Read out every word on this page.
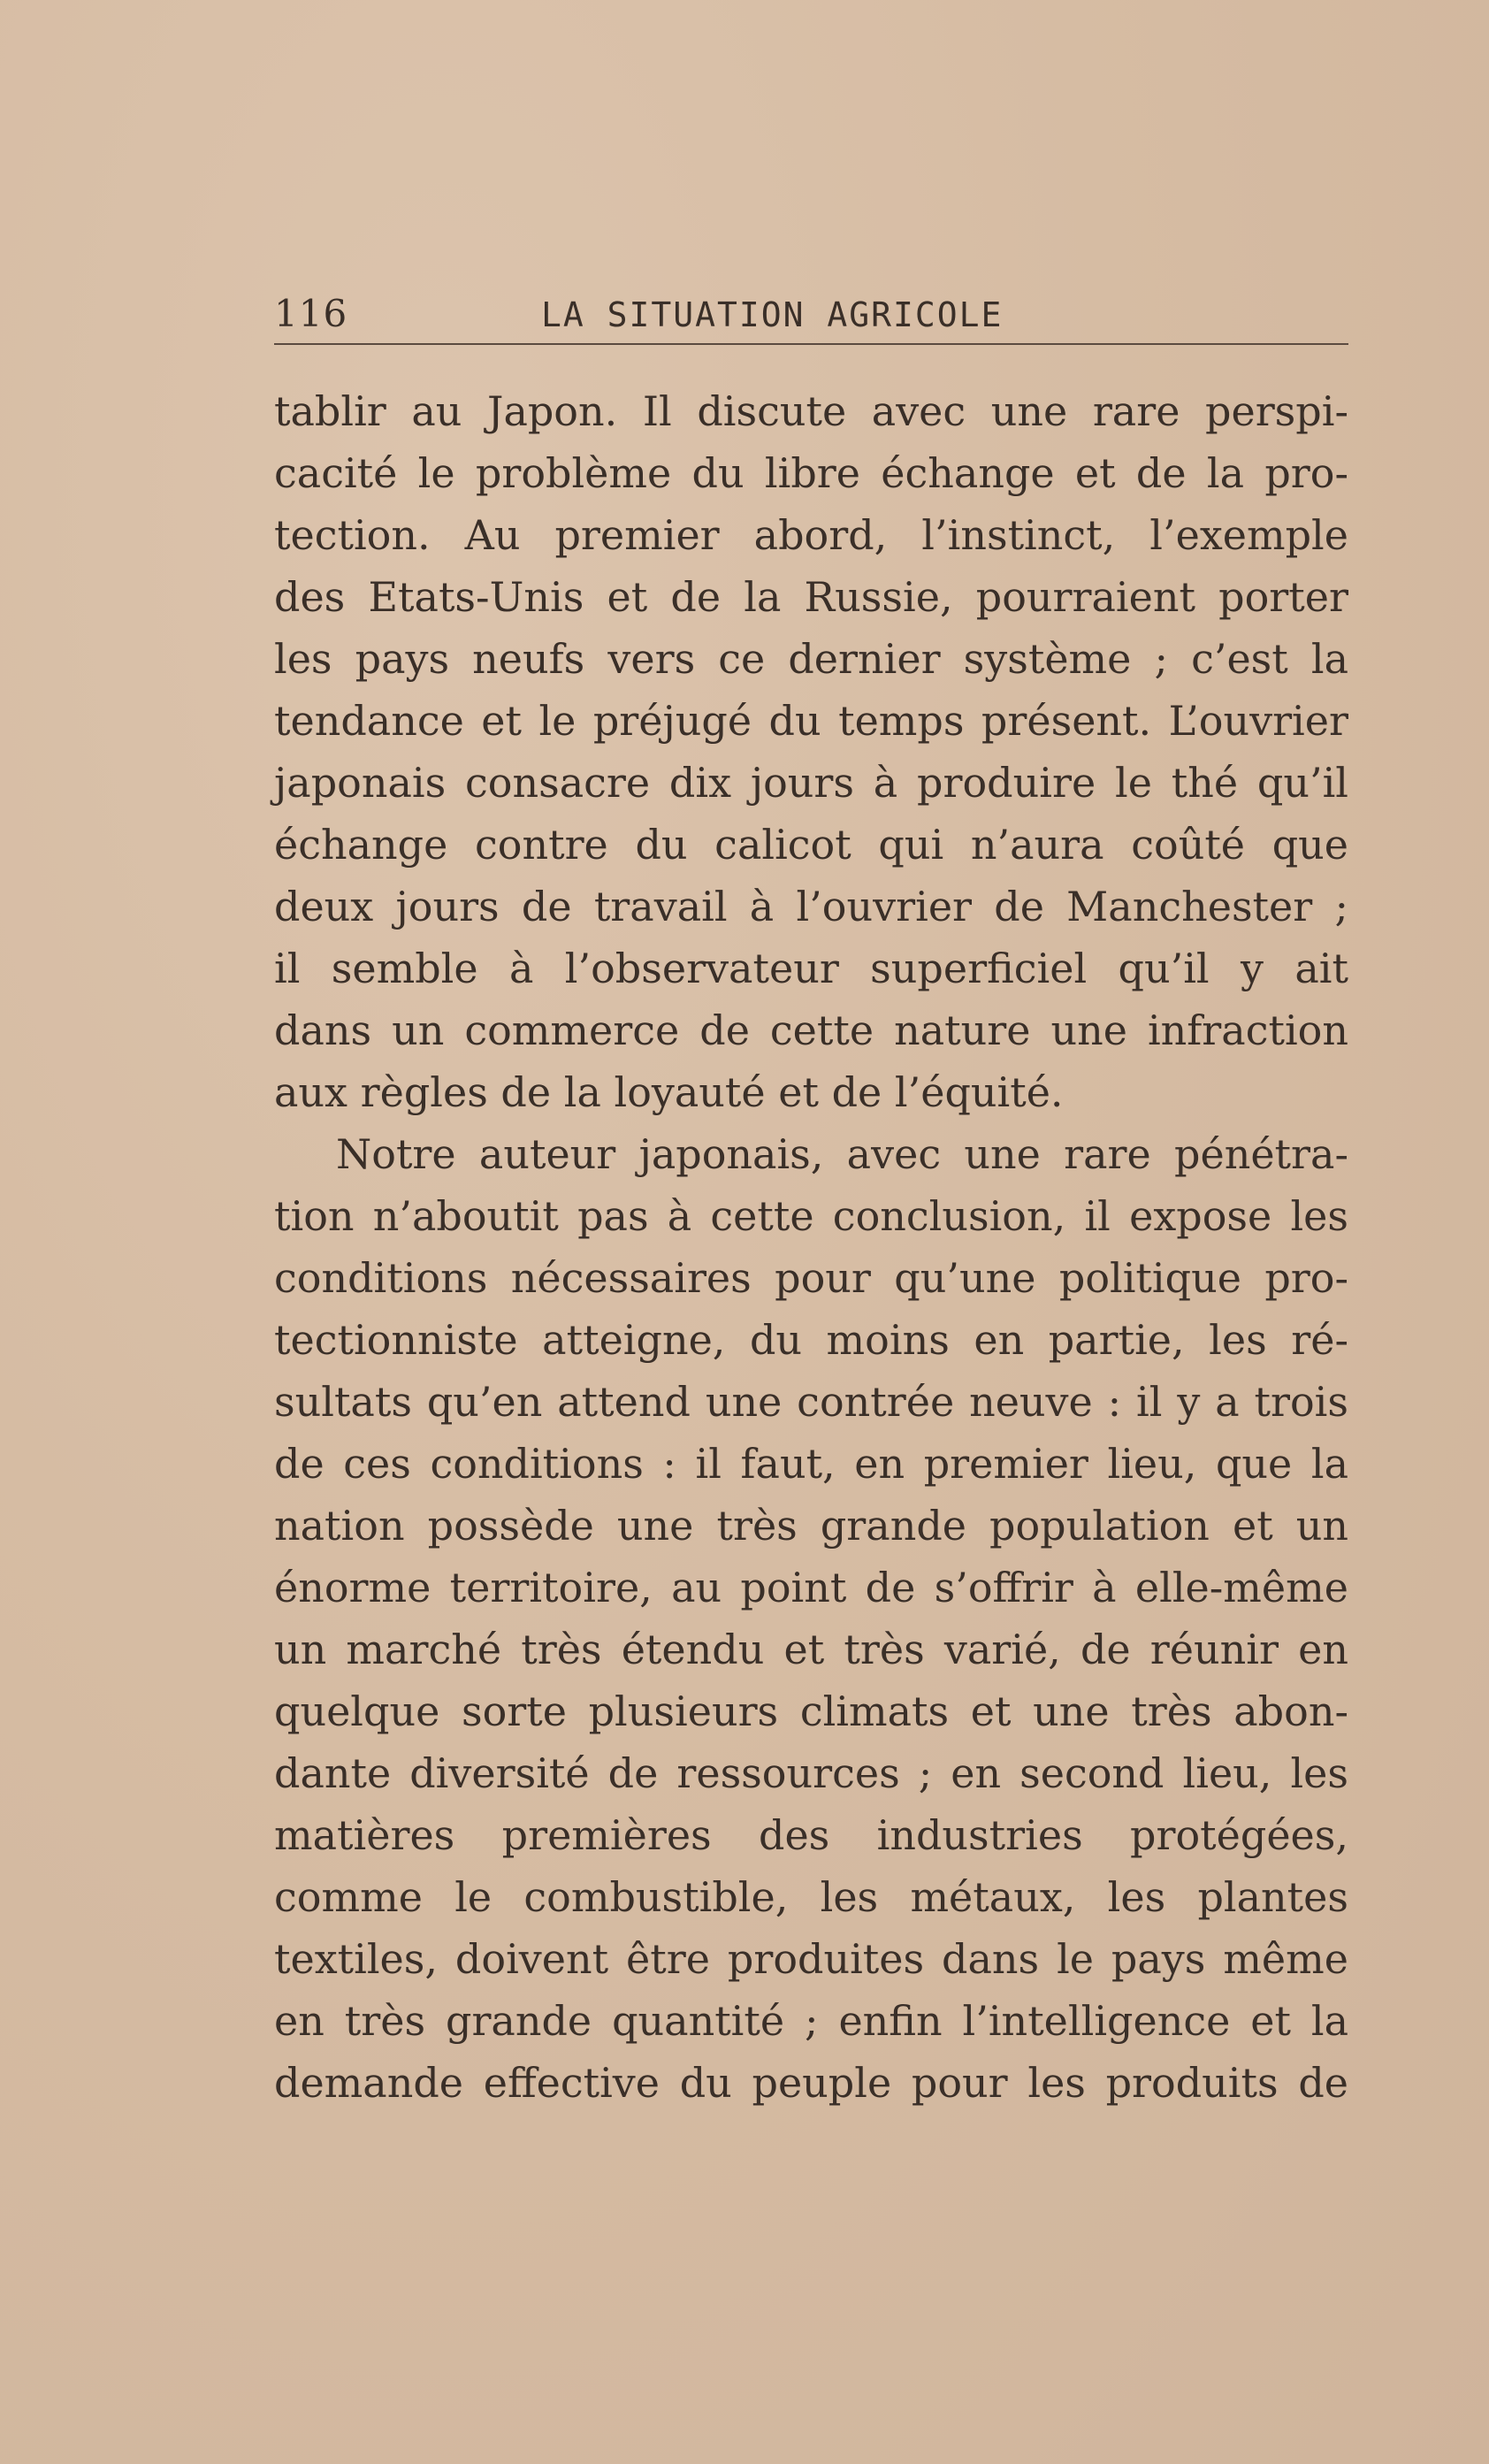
116	LA SITUATION AGRICOLE
tablir au Japon. Il discute avec une rare perspi-
cacité le problème du libre échange et de la pro-
tection. Au premier abord, l’instinct, l’exemple
des Etats-Unis et de la Russie, pourraient porter
les pays neufs vers ce dernier système ; c’est la
tendance et le préjugé du temps présent. L’ouvrier
japonais consacre dix jours à produire le thé qu’il
échange contre du calicot qui n’aura coûté que
deux jours de travail à l’ouvrier de Manchester ;
il semble à l’observateur superficiel qu’il y ait
dans un commerce de cette nature une infraction
aux règles de la loyauté et de l’équité.
Notre auteur japonais, avec une rare pénétra-
tion n’aboutit pas à cette conclusion, il expose les
conditions nécessaires pour qu’une politique pro-
tectionniste atteigne, du moins en partie, les ré-
sultats qu’en attend une contrée neuve : il y a trois
de ces conditions : il faut, en premier lieu, que la
nation possède une très grande population et un
énorme territoire, au point de s’offrir à elle-même
un marché très étendu et très varié, de réunir en
quelque sorte plusieurs climats et une très abon-
dante diversité de ressources ; en second lieu, les
matières premières des industries protégées,
comme le combustible, les métaux, les plantes
textiles, doivent être produites dans le pays même
en très grande quantité ; enfin l’intelligence et la
demande effective du peuple pour les produits de
